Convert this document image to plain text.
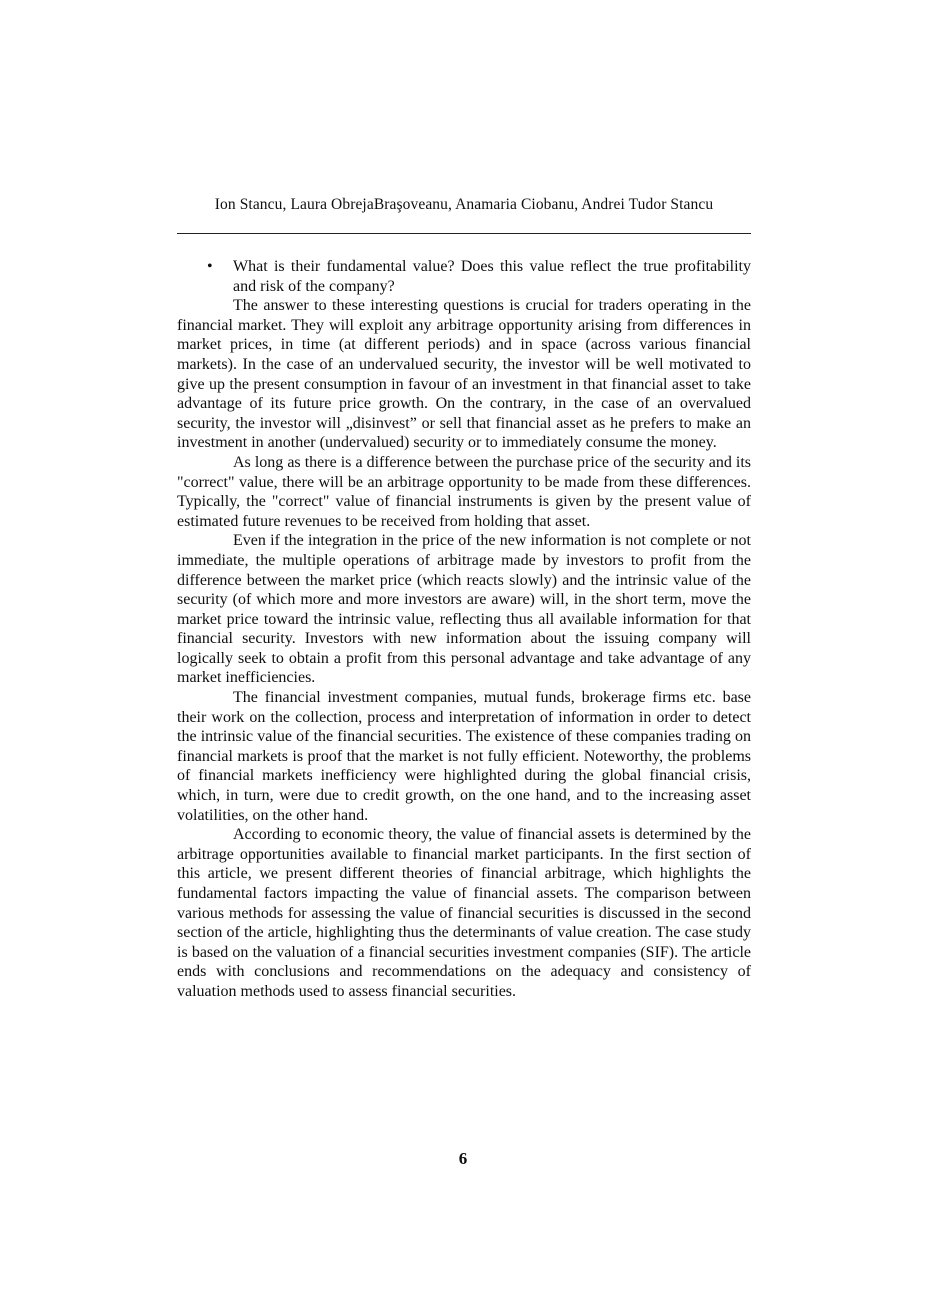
Ion Stancu, Laura ObrejaBraşoveanu, Anamaria Ciobanu, Andrei Tudor Stancu
•	What is their fundamental value? Does this value reflect the true profitability and risk of the company?

The answer to these interesting questions is crucial for traders operating in the financial market. They will exploit any arbitrage opportunity arising from differences in market prices, in time (at different periods) and in space (across various financial markets). In the case of an undervalued security, the investor will be well motivated to give up the present consumption in favour of an investment in that financial asset to take advantage of its future price growth. On the contrary, in the case of an overvalued security, the investor will „disinvest” or sell that financial asset as he prefers to make an investment in another (undervalued) security or to immediately consume the money.

As long as there is a difference between the purchase price of the security and its "correct" value, there will be an arbitrage opportunity to be made from these differences. Typically, the "correct" value of financial instruments is given by the present value of estimated future revenues to be received from holding that asset.

Even if the integration in the price of the new information is not complete or not immediate, the multiple operations of arbitrage made by investors to profit from the difference between the market price (which reacts slowly) and the intrinsic value of the security (of which more and more investors are aware) will, in the short term, move the market price toward the intrinsic value, reflecting thus all available information for that financial security. Investors with new information about the issuing company will logically seek to obtain a profit from this personal advantage and take advantage of any market inefficiencies.

The financial investment companies, mutual funds, brokerage firms etc. base their work on the collection, process and interpretation of information in order to detect the intrinsic value of the financial securities. The existence of these companies trading on financial markets is proof that the market is not fully efficient. Noteworthy, the problems of financial markets inefficiency were highlighted during the global financial crisis, which, in turn, were due to credit growth, on the one hand, and to the increasing asset volatilities, on the other hand.

According to economic theory, the value of financial assets is determined by the arbitrage opportunities available to financial market participants. In the first section of this article, we present different theories of financial arbitrage, which highlights the fundamental factors impacting the value of financial assets. The comparison between various methods for assessing the value of financial securities is discussed in the second section of the article, highlighting thus the determinants of value creation. The case study is based on the valuation of a financial securities investment companies (SIF). The article ends with conclusions and recommendations on the adequacy and consistency of valuation methods used to assess financial securities.

6
